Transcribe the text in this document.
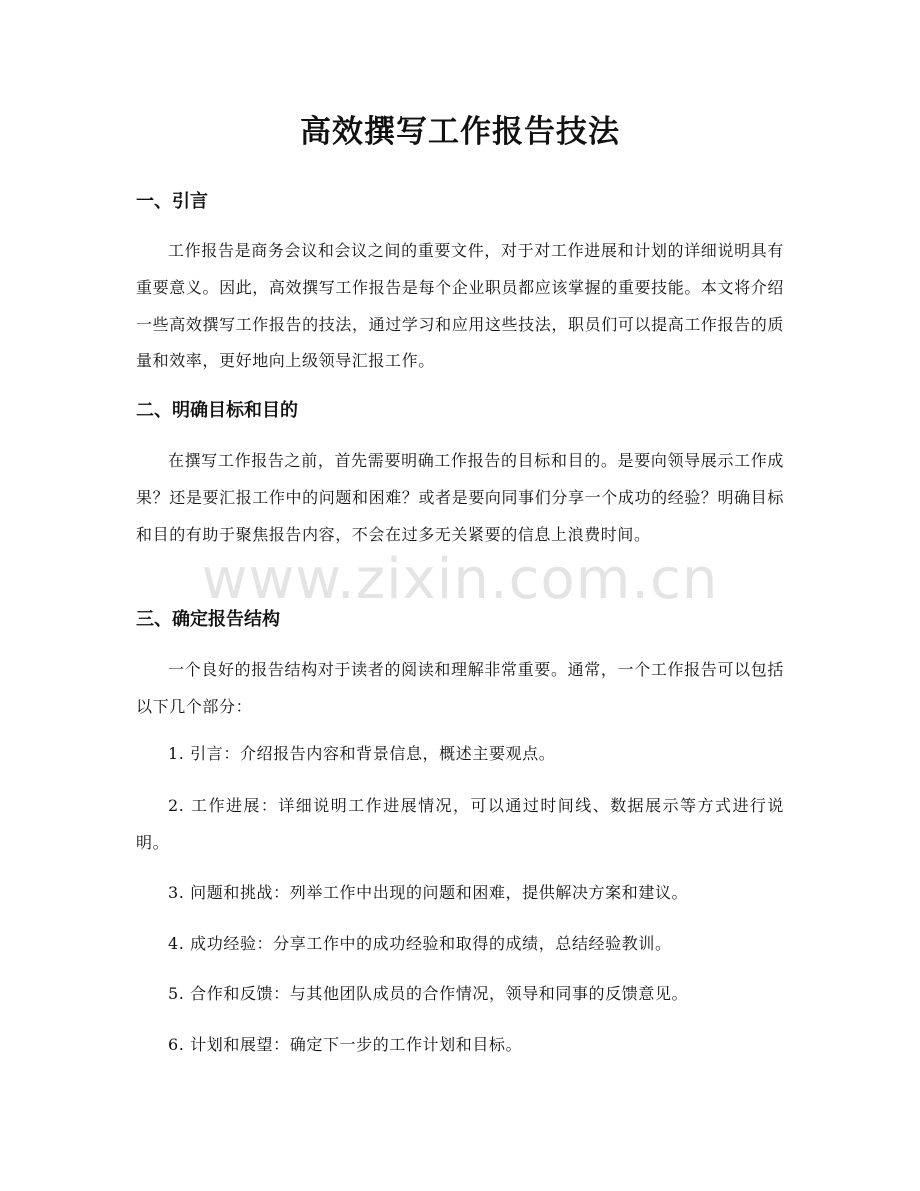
高效撰写工作报告技法
一、引言

工作报告是商务会议和会议之间的重要文件，对于对工作进展和计划的详细说明具有重要意义。因此，高效撰写工作报告是每个企业职员都应该掌握的重要技能。本文将介绍一些高效撰写工作报告的技法，通过学习和应用这些技法，职员们可以提高工作报告的质量和效率，更好地向上级领导汇报工作。

二、明确目标和目的

在撰写工作报告之前，首先需要明确工作报告的目标和目的。是要向领导展示工作成果？还是要汇报工作中的问题和困难？或者是要向同事们分享一个成功的经验？明确目标和目的有助于聚焦报告内容，不会在过多无关紧要的信息上浪费时间。

三、确定报告结构

一个良好的报告结构对于读者的阅读和理解非常重要。通常，一个工作报告可以包括以下几个部分：

1. 引言：介绍报告内容和背景信息，概述主要观点。

2. 工作进展：详细说明工作进展情况，可以通过时间线、数据展示等方式进行说明。

3. 问题和挑战：列举工作中出现的问题和困难，提供解决方案和建议。

4. 成功经验：分享工作中的成功经验和取得的成绩，总结经验教训。

5. 合作和反馈：与其他团队成员的合作情况，领导和同事的反馈意见。

6. 计划和展望：确定下一步的工作计划和目标。

www.zixin.com.cn
